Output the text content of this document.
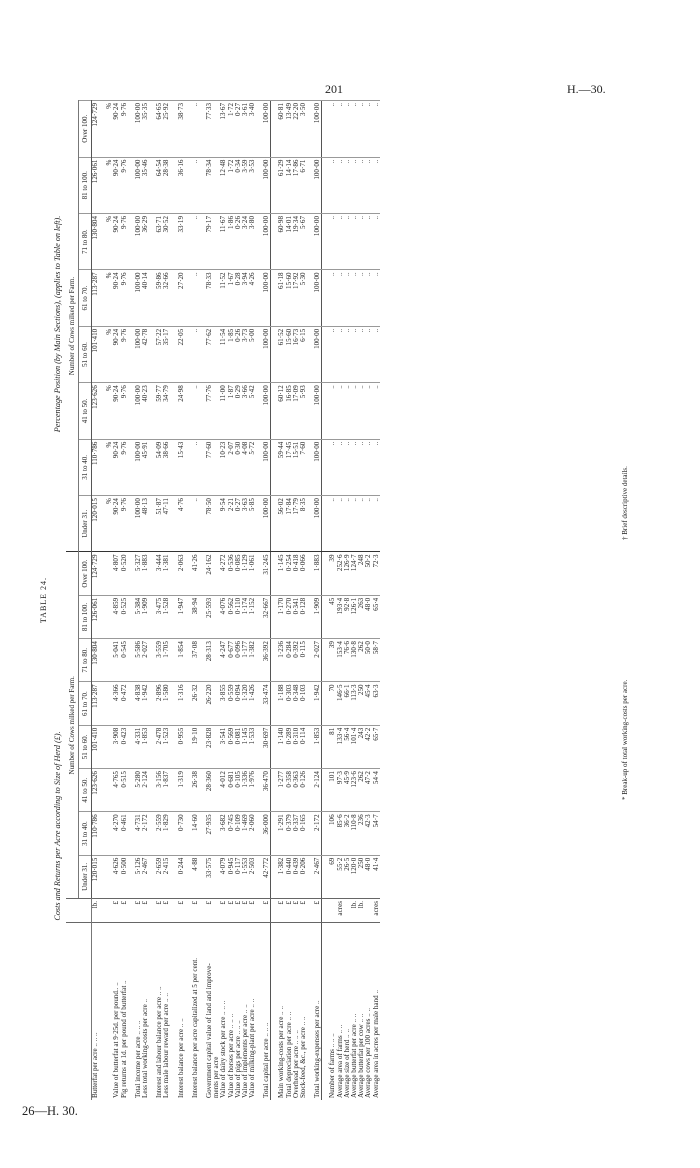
201	H.—30.
26—H. 30.
TABLE 24.
Costs and Returns per Acre according to Size of Herd (£).
Percentage Position (by Main Sections), (applies to Table on left).
		Number of Cows milked per Farm.								Number of Cows milked per Farm.							
		Under 31.	31 to 40.	41 to 50.	51 to 60.	61 to 70.	71 to 80.	81 to 100.	Over 100.	Under 31.	31 to 40.	41 to 50.	51 to 60.	61 to 70.	71 to 80.	81 to 100.	Over 100.
Butterfat per acre .. .. ..	lb.	120·015	110·786	123·626	101·410	113·287	130·804	126·061	124·729	120·015	110·786	123·626	101·410	113·287	130·804	126·061	124·729

										%	%	%	%	%	%	%	%
Value of butterfat at 9·25d. per pound.. ..	£	4·626	4·270	4·765	3·908	4·366	5·041	4·859	4·807	90·24	90·24	90·24	90·24	90·24	90·24	90·24	90·24
Pig returns at 1d. per pound of butterfat ..	£	0·500	0·461	0·515	0·423	0·472	0·545	0·525	0·520	9·76	9·76	9·76	9·76	9·76	9·76	9·76	9·76

Total income per acre .. .. ..	£	5·126	4·731	5·280	4·331	4·838	5·586	5·384	5·327	100·00	100·00	100·00	100·00	100·00	100·00	100·00	100·00
Less total working-costs per acre ..	£	2·467	2·172	2·124	1·853	1·942	2·027	1·909	1·883	48·13	45·91	40·23	42·78	40·14	36·29	35·46	35·35

Interest and labour balance per acre .. ..	£	2·659	2·559	3·156	2·478	2·896	3·559	3·475	3·444	51·87	54·09	59·77	57·22	59·86	63·71	64·54	64·65
Less male labour reward per acre .. ..	£	2·415	1·829	1·837	1·523	1·580	1·705	1·528	1·381	47·11	38·66	34·79	35·17	32·66	30·52	28·38	25·92

Interest balance per acre .. ..	£	0·244	0·730	1·319	0·955	1·316	1·854	1·947	2·063	4·76	15·43	24·98	22·05	27·20	33·19	36·16	38·73

Interest balance per acre capitalized at 5 per cent.	£	4·88	14·60	26·38	19·10	26·32	37·08	38·94	41·26	..	..	..	..	..	..	..	..

Government capital value of land and improve-	£	33·575	27·935	28·360	23·828	26·220	28·313	25·593	24·162	78·50	77·60	77·76	77·62	78·33	79·17	78·34	77·33
ments per acre																	
Value of dairy stock per acre .. .. ..	£	4·079	3·682	4·012	3·541	3·855	4·247	4·076	4·272	9·54	10·23	11·00	11·54	11·52	11·67	12·48	13·67
Value of horses per acre .. .. ..	£	0·945	0·745	0·681	0·569	0·559	0·677	0·562	0·536	2·21	2·07	1·87	1·85	1·67	1·86	1·72	1·72
Value of pigs per acre .. .. ..	£	0·117	0·109	0·105	0·081	0·094	0·096	0·110	0·085	0·27	0·30	0·29	0·26	0·28	0·26	0·34	0·27
Value of implements per acre .. ..	£	1·553	1·469	1·336	1·145	1·320	1·177	1·174	1·129	3·63	4·08	3·66	3·73	3·94	3·24	3·59	3·61
Value of milking-plant per acre .. ..	£	2·503	2·060	1·976	1·533	1·426	1·382	1·152	1·061	5·85	5·72	5·42	5·00	4·26	3·80	3·53	3·40

Total capital per acre .. .. ..	£	42·772	36·000	36·470	30·697	33·474	36·392	32·667	31·245	100·00	100·00	100·00	100·00	100·00	100·00	100·00	100·00

Main working-costs per acre .. ..	£	1·382	1·291	1·277	1·140	1·188	1·236	1·170	1·145	56·02	59·44	60·12	61·52	61·18	60·98	61·29	60·81
Total depreciation per acre .. ..	£	0·440	0·379	0·358	0·289	0·303	0·284	0·270	0·254	17·84	17·45	16·85	15·60	15·60	14·01	14·14	13·49
Overhead per acre .. .. ..	£	0·439	0·337	0·363	0·310	0·348	0·392	0·341	0·418	17·79	15·51	17·09	16·73	17·92	19·34	17·86	22·20
Stock-feed, &c., per acre .. ..	£	0·206	0·165	0·126	0·114	0·103	0·115	0·128	0·066	8·35	7·60	5·93	6·15	5·30	5·67	6·71	3·50

Total working-expenses per acre ..	£	2·467	2·172	2·124	1·853	1·942	2·027	1·909	1·883	100·00	100·00	100·00	100·00	100·00	100·00	100·00	100·00

Number of farms .. .. ..		69	106	101	81	70	39	45	39	..	..	..	..	..	..	..	..
Average area of farms .. ..	acres	55·2	85·6	97·3	133·4	146·5	153·4	193·4	252·6	..	..	..	..	..	..	..	..
Average size of herd .. ..		26·5	36·2	45·9	56·4	66·1	76·6	92·8	126·9	..	..	..	..	..	..	..	..
Average butterfat per acre .. ..	lb.	120·0	110·8	123·6	101·4	113·3	130·8	126·1	124·7	..	..	..	..	..	..	..	..
Average butterfat per cow .. ..	lb.	250	236	262	243	250	262	263	248	..	..	..	..	..	..	..	..
Average cows per 100 acres .. ..		48·0	42·3	47·2	42·2	45·4	50·0	48·0	50·2	..	..	..	..	..	..	..	..
Average area in acres per male hand ..	acres	41·4	54·7	54·4	65·7	63·3	58·7	65·4	72·3	..	..	..	..	..	..	..	..
* Break-up of total working-costs per acre.
† Brief descriptive details.
